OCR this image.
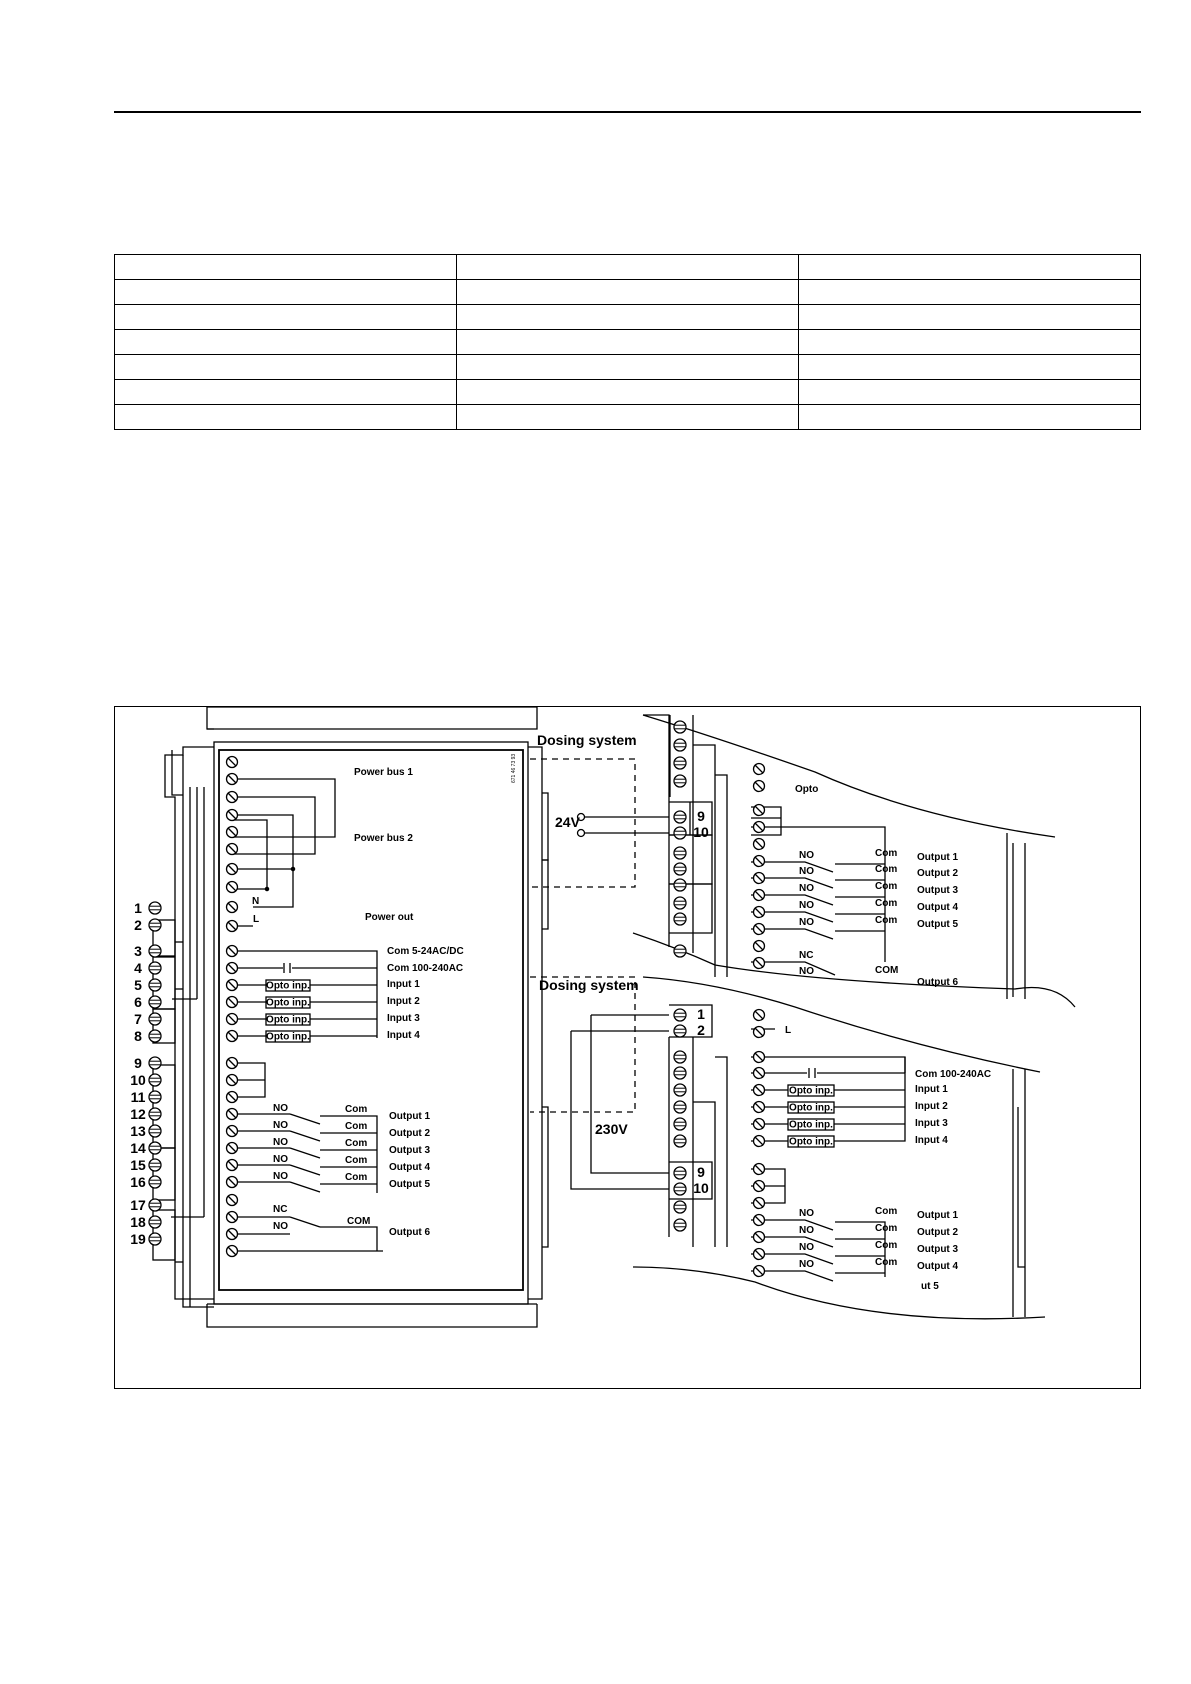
1
2
3
4
5
6
7
8
9
10
11
12
13
14
15
16
17
18
19
Power bus 1
Power bus 2
Power out
N
L
671 46 73 93
Com 5-24AC/DC
Com 100-240AC
Opto inp.	Input 1
Opto inp.	Input 2
Opto inp.	Input 3
Opto inp.	Input 4
NO	Com
Output 1
NO	Com
Output 2
NO	Com
Output 3
NO	Com
Output 4
NO	Com
Output 5
NC
NO	COM
Output 6
Dosing system
24V	9
10
Opto
NO	Com Output 1
NO	Com Output 2
NO	Com Output 3
NO	Com Output 4
NO	Com Output 5
NC
NO	COM
Output 6
Dosing system
230V
1
2
9
10
L
Com 100-240AC
Opto inp.	Input 1
Opto inp.	Input 2
Opto inp.	Input 3
Opto inp.	Input 4
NO	Com Output 1
NO	Com Output 2
NO	Com Output 3
NO	Com Output 4
ut 5
